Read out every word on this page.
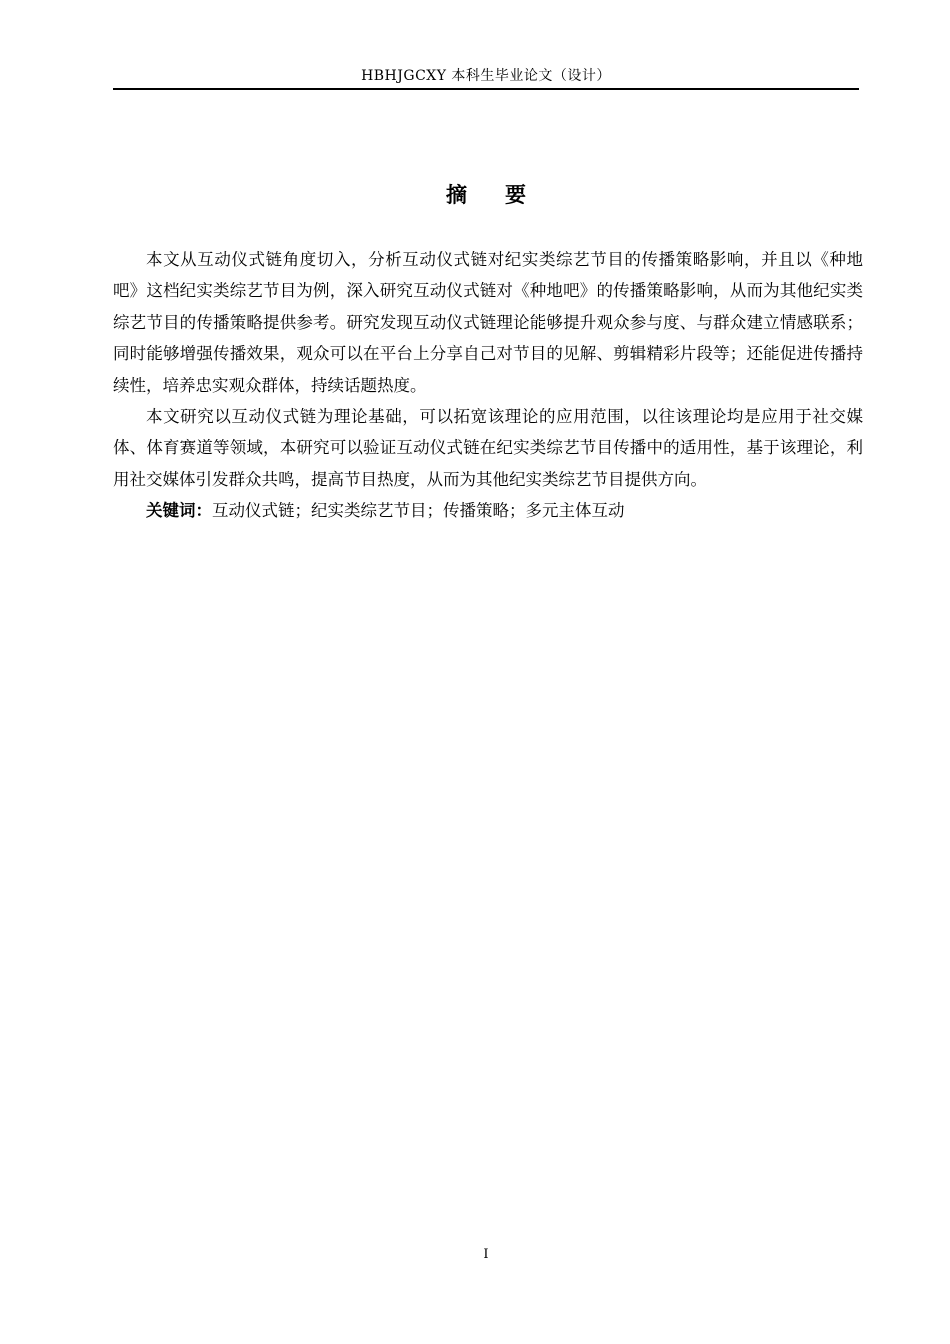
HBHJGCXY 本科生毕业论文（设计）
摘要

本文从互动仪式链角度切入，分析互动仪式链对纪实类综艺节目的传播策略影响，并且以《种地吧》这档纪实类综艺节目为例，深入研究互动仪式链对《种地吧》的传播策略影响，从而为其他纪实类综艺节目的传播策略提供参考。研究发现互动仪式链理论能够提升观众参与度、与群众建立情感联系；同时能够增强传播效果，观众可以在平台上分享自己对节目的见解、剪辑精彩片段等；还能促进传播持续性，培养忠实观众群体，持续话题热度。

本文研究以互动仪式链为理论基础，可以拓宽该理论的应用范围，以往该理论均是应用于社交媒体、体育赛道等领域，本研究可以验证互动仪式链在纪实类综艺节目传播中的适用性，基于该理论，利用社交媒体引发群众共鸣，提高节目热度，从而为其他纪实类综艺节目提供方向。

关键词：互动仪式链；纪实类综艺节目；传播策略；多元主体互动

I
